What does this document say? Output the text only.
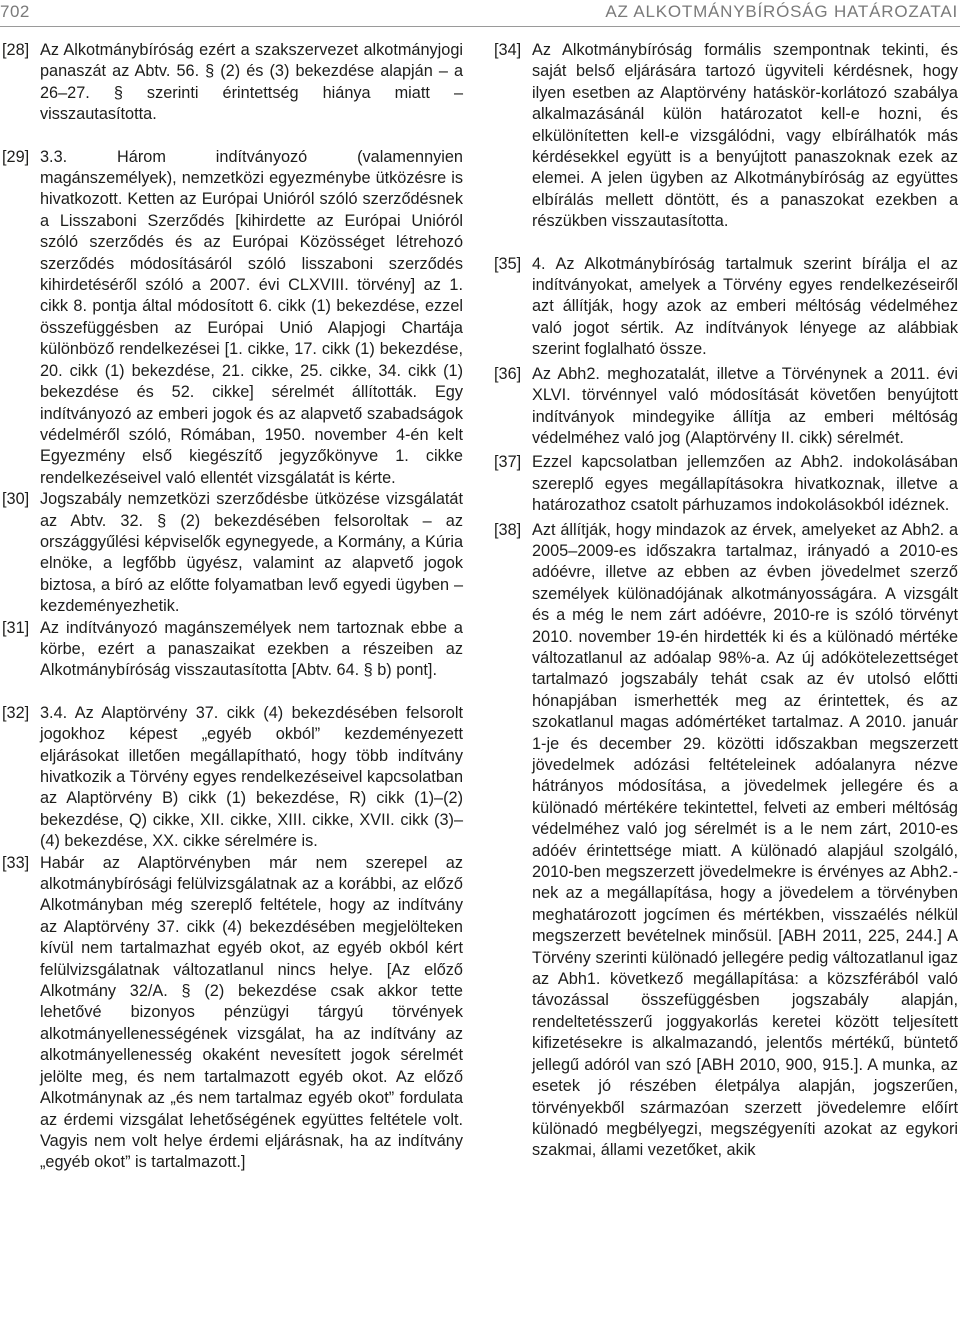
702	AZ ALKOTMÁNYBÍRÓSÁG HATÁROZATAI
[28] Az Alkotmánybíróság ezért a szakszervezet alkotmányjogi panaszát az Abtv. 56. § (2) és (3) bekezdése alapján – a 26–27. § szerinti érintettség hiánya miatt – visszautasította.
[29] 3.3. Három indítványozó (valamennyien magánszemélyek), nemzetközi egyezménybe ütközésre is hivatkozott. Ketten az Európai Unióról szóló szerződésnek a Lisszaboni Szerződés [kihirdette az Európai Unióról szóló szerződés és az Európai Közösséget létrehozó szerződés módosításáról szóló lisszaboni szerződés kihirdetéséről szóló a 2007. évi CLXVIII. törvény] az 1. cikk 8. pontja által módosított 6. cikk (1) bekezdése, ezzel összefüggésben az Európai Unió Alapjogi Chartája különböző rendelkezései [1. cikke, 17. cikk (1) bekezdése, 20. cikk (1) bekezdése, 21. cikke, 25. cikke, 34. cikk (1) bekezdése és 52. cikke] sérelmét állították. Egy indítványozó az emberi jogok és az alapvető szabadságok védelméről szóló, Rómában, 1950. november 4-én kelt Egyezmény első kiegészítő jegyzőkönyve 1. cikke rendelkezéseivel való ellentét vizsgálatát is kérte.
[30] Jogszabály nemzetközi szerződésbe ütközése vizsgálatát az Abtv. 32. § (2) bekezdésében felsoroltak – az országgyűlési képviselők egynegyede, a Kormány, a Kúria elnöke, a legfőbb ügyész, valamint az alapvető jogok biztosa, a bíró az előtte folyamatban levő egyedi ügyben – kezdeményezhetik.
[31] Az indítványozó magánszemélyek nem tartoznak ebbe a körbe, ezért a panaszaikat ezekben a részeiben az Alkotmánybíróság visszautasította [Abtv. 64. § b) pont].
[32] 3.4. Az Alaptörvény 37. cikk (4) bekezdésében felsorolt jogokhoz képest „egyéb okból” kezdeményezett eljárásokat illetően megállapítható, hogy több indítvány hivatkozik a Törvény egyes rendelkezéseivel kapcsolatban az Alaptörvény B) cikk (1) bekezdése, R) cikk (1)–(2) bekezdése, Q) cikke, XII. cikke, XIII. cikke, XVII. cikk (3)–(4) bekezdése, XX. cikke sérelmére is.
[33] Habár az Alaptörvényben már nem szerepel az alkotmánybírósági felülvizsgálatnak az a korábbi, az előző Alkotmányban még szereplő feltétele, hogy az indítvány az Alaptörvény 37. cikk (4) bekezdésében megjelölteken kívül nem tartalmazhat egyéb okot, az egyéb okból kért felülvizsgálatnak változatlanul nincs helye. [Az előző Alkotmány 32/A. § (2) bekezdése csak akkor tette lehetővé bizonyos pénzügyi tárgyú törvények alkotmányellenességének vizsgálat, ha az indítvány az alkotmányellenesség okaként nevesített jogok sérelmét jelölte meg, és nem tartalmazott egyéb okot. Az előző Alkotmánynak az „és nem tartalmaz egyéb okot” fordulata az érdemi vizsgálat lehetőségének együttes feltétele volt. Vagyis nem volt helye érdemi eljárásnak, ha az indítvány „egyéb okot” is tartalmazott.]
[34] Az Alkotmánybíróság formális szempontnak tekinti, és saját belső eljárására tartozó ügyviteli kérdésnek, hogy ilyen esetben az Alaptörvény hatáskör-korlátozó szabálya alkalmazásánál külön határozatot kell-e hozni, és elkülönítetten kell-e vizsgálódni, vagy elbírálhatók más kérdésekkel együtt is a benyújtott panaszoknak ezek az elemei. A jelen ügyben az Alkotmánybíróság az együttes elbírálás mellett döntött, és a panaszokat ezekben a részükben visszautasította.
[35] 4. Az Alkotmánybíróság tartalmuk szerint bírálja el az indítványokat, amelyek a Törvény egyes rendelkezéseiről azt állítják, hogy azok az emberi méltóság védelméhez való jogot sértik. Az indítványok lényege az alábbiak szerint foglalható össze.
[36] Az Abh2. meghozatalát, illetve a Törvénynek a 2011. évi XLVI. törvénnyel való módosítását követően benyújtott indítványok mindegyike állítja az emberi méltóság védelméhez való jog (Alaptörvény II. cikk) sérelmét.
[37] Ezzel kapcsolatban jellemzően az Abh2. indokolásában szereplő egyes megállapításokra hivatkoznak, illetve a határozathoz csatolt párhuzamos indokolásokból idéznek.
[38] Azt állítják, hogy mindazok az érvek, amelyeket az Abh2. a 2005–2009-es időszakra tartalmaz, irányadó a 2010-es adóévre, illetve az ebben az évben jövedelmet szerző személyek különadójának alkotmányosságára. A vizsgált és a még le nem zárt adóévre, 2010-re is szóló törvényt 2010. november 19-én hirdették ki és a különadó mértéke változatlanul az adóalap 98%-a. Az új adókötelezettséget tartalmazó jogszabály tehát csak az év utolsó előtti hónapjában ismerhették meg az érintettek, és az szokatlanul magas adómértéket tartalmaz. A 2010. január 1-je és december 29. közötti időszakban megszerzett jövedelmek adózási feltételeinek adóalanyra nézve hátrányos módosítása, a jövedelmek jellegére és a különadó mértékére tekintettel, felveti az emberi méltóság védelméhez való jog sérelmét is a le nem zárt, 2010-es adóév érintettsége miatt. A különadó alapjául szolgáló, 2010-ben megszerzett jövedelmekre is érvényes az Abh2.-nek az a megállapítása, hogy a jövedelem a törvényben meghatározott jogcímen és mértékben, visszaélés nélkül megszerzett bevételnek minősül. [ABH 2011, 225, 244.] A Törvény szerinti különadó jellegére pedig változatlanul igaz az Abh1. következő megállapítása: a közszférából való távozással összefüggésben jogszabály alapján, rendeltetésszerű joggyakorlás keretei között teljesített kifizetésekre is alkalmazandó, jelentős mértékű, büntető jellegű adóról van szó [ABH 2010, 900, 915.]. A munka, az esetek jó részében életpálya alapján, jogszerűen, törvényekből származóan szerzett jövedelemre előírt különadó megbélyegzi, megszégyeníti azokat az egykori szakmai, állami vezetőket, akik
